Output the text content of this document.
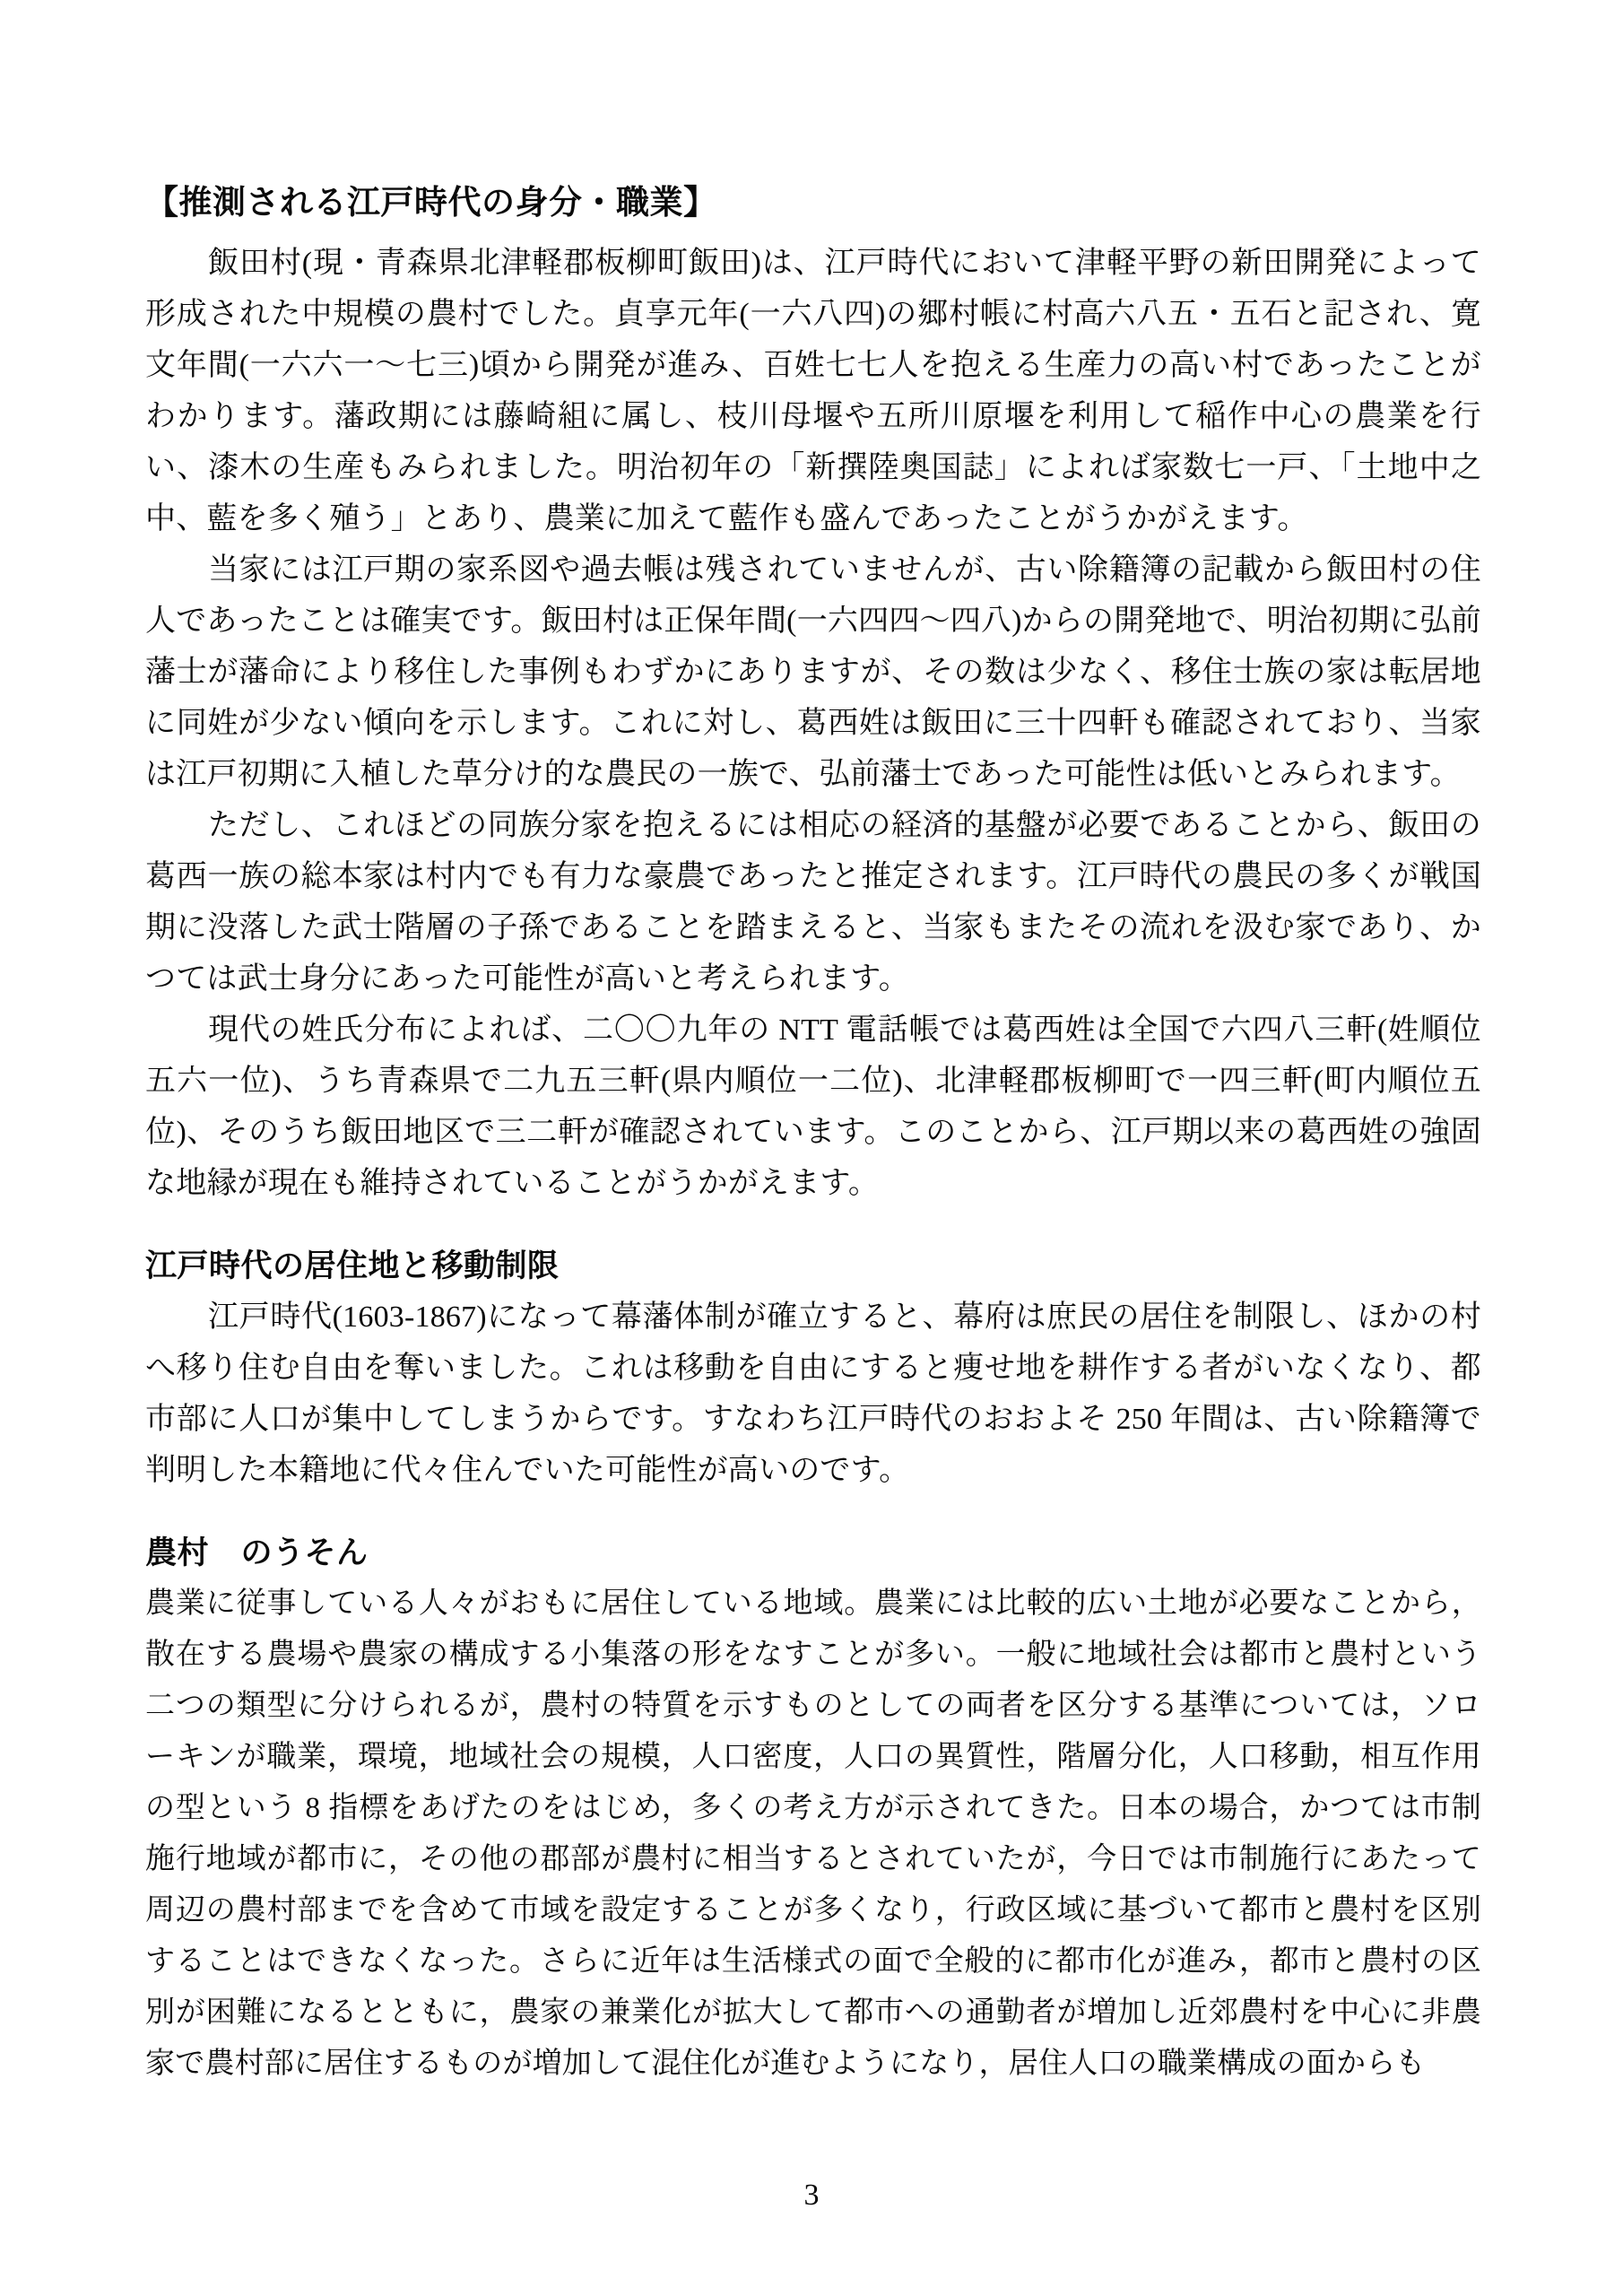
【推測される江戸時代の身分・職業】

飯田村(現・青森県北津軽郡板柳町飯田)は、江戸時代において津軽平野の新田開発によって形成された中規模の農村でした。貞享元年(一六八四)の郷村帳に村高六八五・五石と記され、寛文年間(一六六一〜七三)頃から開発が進み、百姓七七人を抱える生産力の高い村であったことがわかります。藩政期には藤崎組に属し、枝川母堰や五所川原堰を利用して稲作中心の農業を行い、漆木の生産もみられました。明治初年の「新撰陸奥国誌」によれば家数七一戸、「土地中之中、藍を多く殖う」とあり、農業に加えて藍作も盛んであったことがうかがえます。

当家には江戸期の家系図や過去帳は残されていませんが、古い除籍簿の記載から飯田村の住人であったことは確実です。飯田村は正保年間(一六四四〜四八)からの開発地で、明治初期に弘前藩士が藩命により移住した事例もわずかにありますが、その数は少なく、移住士族の家は転居地に同姓が少ない傾向を示します。これに対し、葛西姓は飯田に三十四軒も確認されており、当家は江戸初期に入植した草分け的な農民の一族で、弘前藩士であった可能性は低いとみられます。

ただし、これほどの同族分家を抱えるには相応の経済的基盤が必要であることから、飯田の葛西一族の総本家は村内でも有力な豪農であったと推定されます。江戸時代の農民の多くが戦国期に没落した武士階層の子孫であることを踏まえると、当家もまたその流れを汲む家であり、かつては武士身分にあった可能性が高いと考えられます。

現代の姓氏分布によれば、二〇〇九年の NTT 電話帳では葛西姓は全国で六四八三軒(姓順位五六一位)、うち青森県で二九五三軒(県内順位一二位)、北津軽郡板柳町で一四三軒(町内順位五位)、そのうち飯田地区で三二軒が確認されています。このことから、江戸期以来の葛西姓の強固な地縁が現在も維持されていることがうかがえます。

江戸時代の居住地と移動制限

江戸時代(1603-1867)になって幕藩体制が確立すると、幕府は庶民の居住を制限し、ほかの村へ移り住む自由を奪いました。これは移動を自由にすると痩せ地を耕作する者がいなくなり、都市部に人口が集中してしまうからです。すなわち江戸時代のおおよそ 250 年間は、古い除籍簿で判明した本籍地に代々住んでいた可能性が高いのです。

農村　のうそん

農業に従事している人々がおもに居住している地域。農業には比較的広い土地が必要なことから，散在する農場や農家の構成する小集落の形をなすことが多い。一般に地域社会は都市と農村という二つの類型に分けられるが，農村の特質を示すものとしての両者を区分する基準については，ソローキンが職業，環境，地域社会の規模，人口密度，人口の異質性，階層分化，人口移動，相互作用の型という 8 指標をあげたのをはじめ，多くの考え方が示されてきた。日本の場合，かつては市制施行地域が都市に，その他の郡部が農村に相当するとされていたが，今日では市制施行にあたって周辺の農村部までを含めて市域を設定することが多くなり，行政区域に基づいて都市と農村を区別することはできなくなった。さらに近年は生活様式の面で全般的に都市化が進み，都市と農村の区別が困難になるとともに，農家の兼業化が拡大して都市への通勤者が増加し近郊農村を中心に非農家で農村部に居住するものが増加して混住化が進むようになり，居住人口の職業構成の面からも

3
